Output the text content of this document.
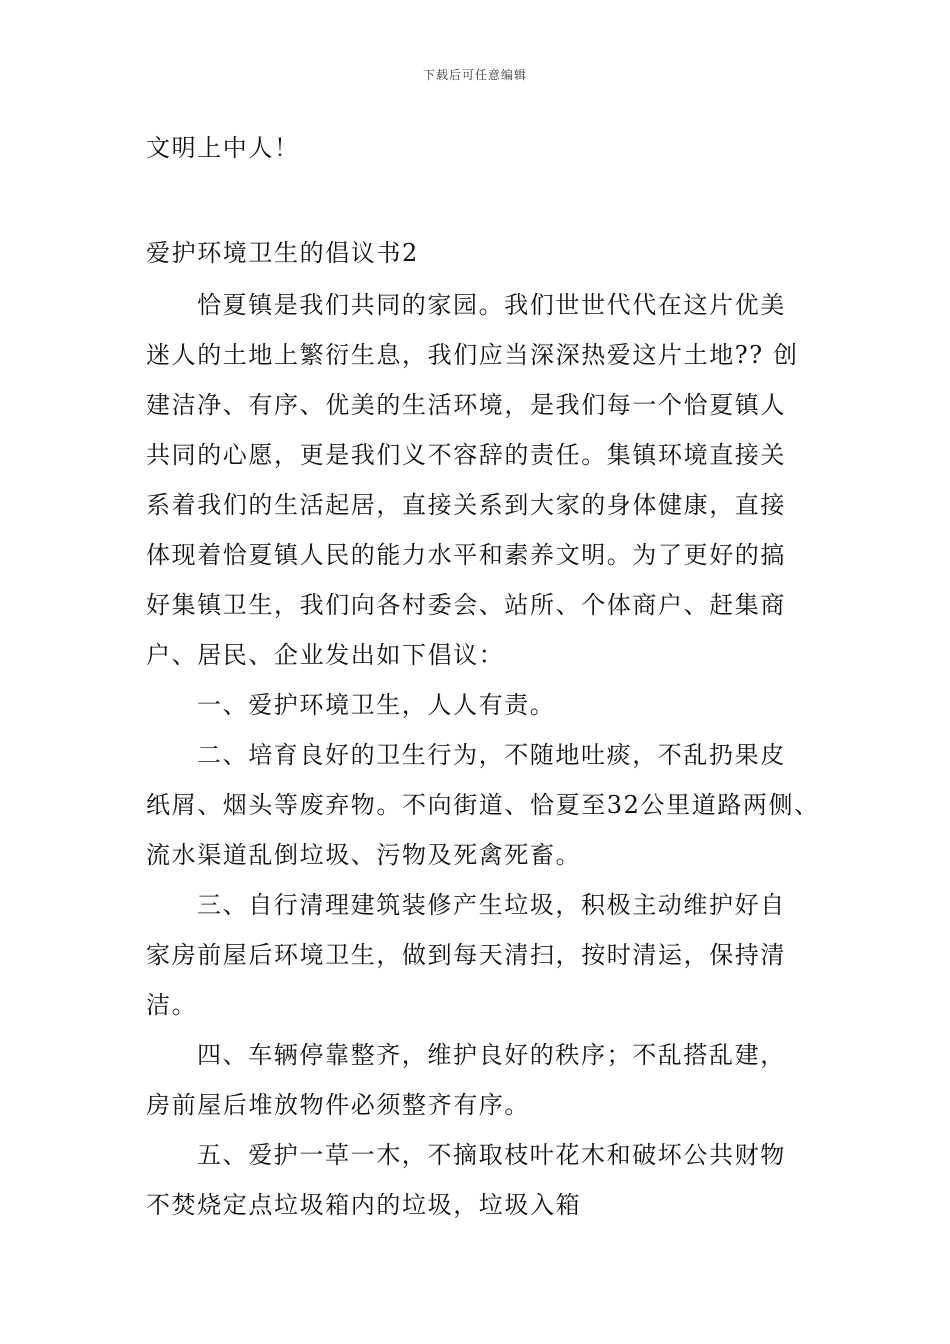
下载后可任意编辑
文明上中人！
爱护环境卫生的倡议书2
恰夏镇是我们共同的家园。我们世世代代在这片优美
迷人的土地上繁衍生息，我们应当深深热爱这片土地?? 创
建洁净、有序、优美的生活环境，是我们每一个恰夏镇人
共同的心愿，更是我们义不容辞的责任。集镇环境直接关
系着我们的生活起居，直接关系到大家的身体健康，直接
体现着恰夏镇人民的能力水平和素养文明。为了更好的搞
好集镇卫生，我们向各村委会、站所、个体商户、赶集商
户、居民、企业发出如下倡议：
一、爱护环境卫生，人人有责。
二、培育良好的卫生行为，不随地吐痰，不乱扔果皮
纸屑、烟头等废弃物。不向街道、恰夏至32公里道路两侧、
流水渠道乱倒垃圾、污物及死禽死畜。
三、自行清理建筑装修产生垃圾，积极主动维护好自
家房前屋后环境卫生，做到每天清扫，按时清运，保持清
洁。
四、车辆停靠整齐，维护良好的秩序；不乱搭乱建，
房前屋后堆放物件必须整齐有序。
五、爱护一草一木，不摘取枝叶花木和破坏公共财物
不焚烧定点垃圾箱内的垃圾，垃圾入箱
